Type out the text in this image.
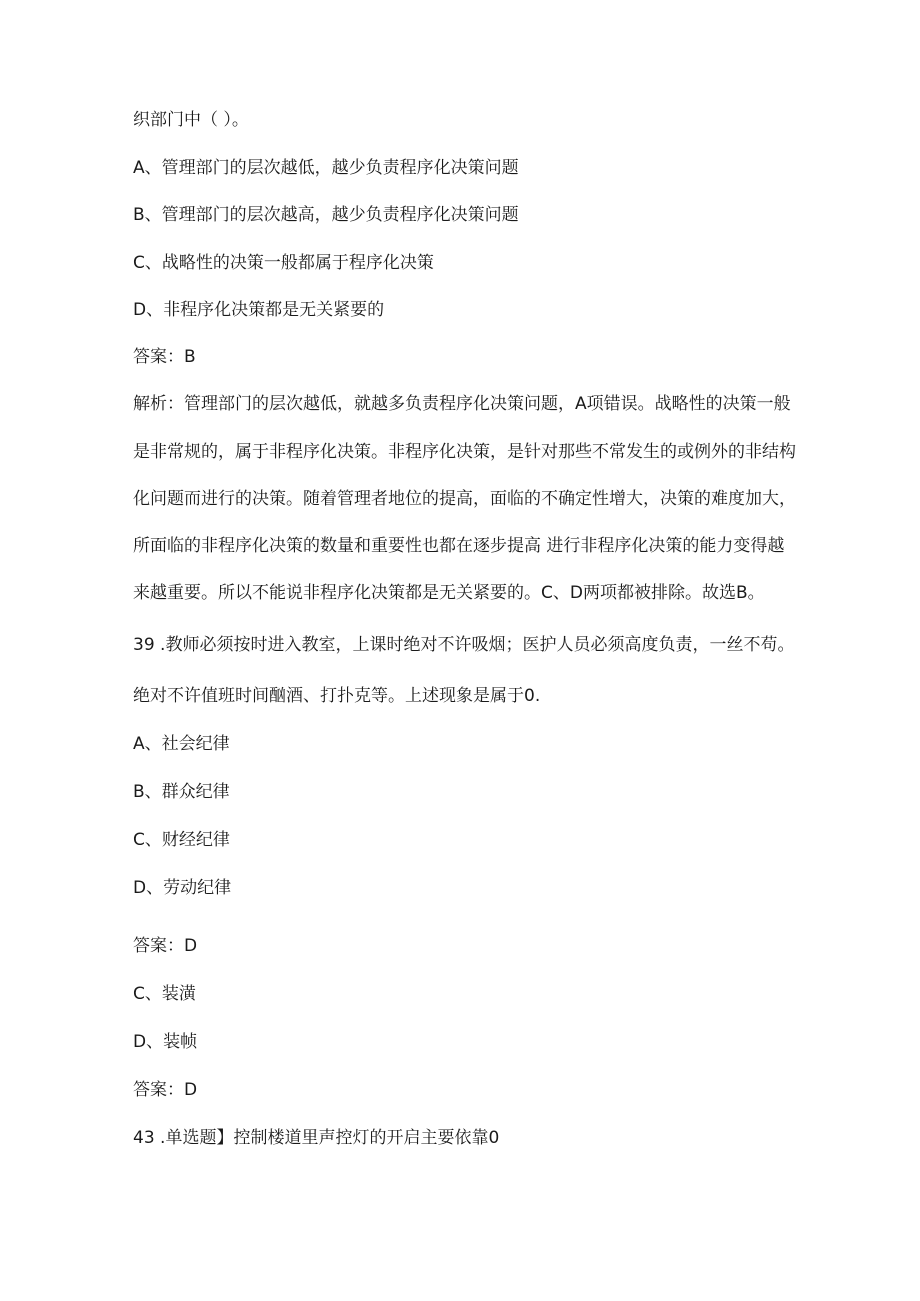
织部门中（ ）。
A、管理部门的层次越低，越少负责程序化决策问题
B、管理部门的层次越高，越少负责程序化决策问题
C、战略性的决策一般都属于程序化决策
D、非程序化决策都是无关紧要的
答案：B
解析：管理部门的层次越低，就越多负责程序化决策问题，A项错误。战略性的决策一般
是非常规的，属于非程序化决策。非程序化决策，是针对那些不常发生的或例外的非结构
化问题而进行的决策。随着管理者地位的提高，面临的不确定性增大，决策的难度加大，
所面临的非程序化决策的数量和重要性也都在逐步提高 进行非程序化决策的能力变得越
来越重要。所以不能说非程序化决策都是无关紧要的。C、D两项都被排除。故选B。
39 .教师必须按时进入教室，上课时绝对不许吸烟；医护人员必须高度负责，一丝不苟。
绝对不许值班时间酗酒、打扑克等。上述现象是属于0.
A、社会纪律
B、群众纪律
C、财经纪律
D、劳动纪律
答案：D
C、装潢
D、装帧
答案：D
43 .单选题】控制楼道里声控灯的开启主要依靠0
